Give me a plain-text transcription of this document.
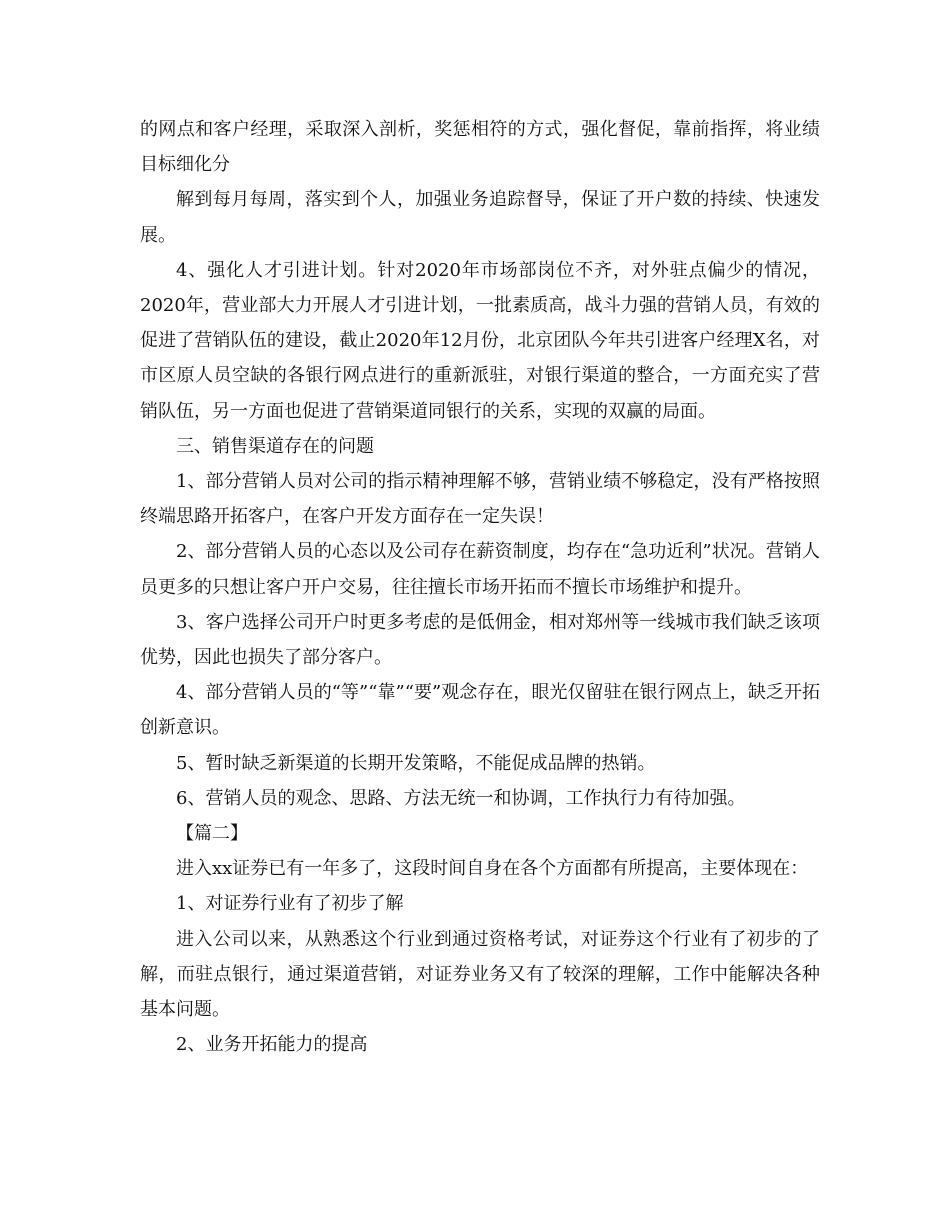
的网点和客户经理，采取深入剖析，奖惩相符的方式，强化督促，靠前指挥，将业绩目标细化分

解到每月每周，落实到个人，加强业务追踪督导，保证了开户数的持续、快速发展。

4、强化人才引进计划。针对2020年市场部岗位不齐，对外驻点偏少的情况，2020年，营业部大力开展人才引进计划，一批素质高，战斗力强的营销人员，有效的促进了营销队伍的建设，截止2020年12月份，北京团队今年共引进客户经理X名，对市区原人员空缺的各银行网点进行的重新派驻，对银行渠道的整合，一方面充实了营销队伍，另一方面也促进了营销渠道同银行的关系，实现的双赢的局面。

三、销售渠道存在的问题

1、部分营销人员对公司的指示精神理解不够，营销业绩不够稳定，没有严格按照终端思路开拓客户，在客户开发方面存在一定失误！

2、部分营销人员的心态以及公司存在薪资制度，均存在“急功近利”状况。营销人员更多的只想让客户开户交易，往往擅长市场开拓而不擅长市场维护和提升。

3、客户选择公司开户时更多考虑的是低佣金，相对郑州等一线城市我们缺乏该项优势，因此也损失了部分客户。

4、部分营销人员的“等”“靠”“要”观念存在，眼光仅留驻在银行网点上，缺乏开拓创新意识。

5、暂时缺乏新渠道的长期开发策略，不能促成品牌的热销。

6、营销人员的观念、思路、方法无统一和协调，工作执行力有待加强。

【篇二】

进入xx证券已有一年多了，这段时间自身在各个方面都有所提高，主要体现在：

1、对证券行业有了初步了解

进入公司以来，从熟悉这个行业到通过资格考试，对证券这个行业有了初步的了解，而驻点银行，通过渠道营销，对证券业务又有了较深的理解，工作中能解决各种基本问题。

2、业务开拓能力的提高
